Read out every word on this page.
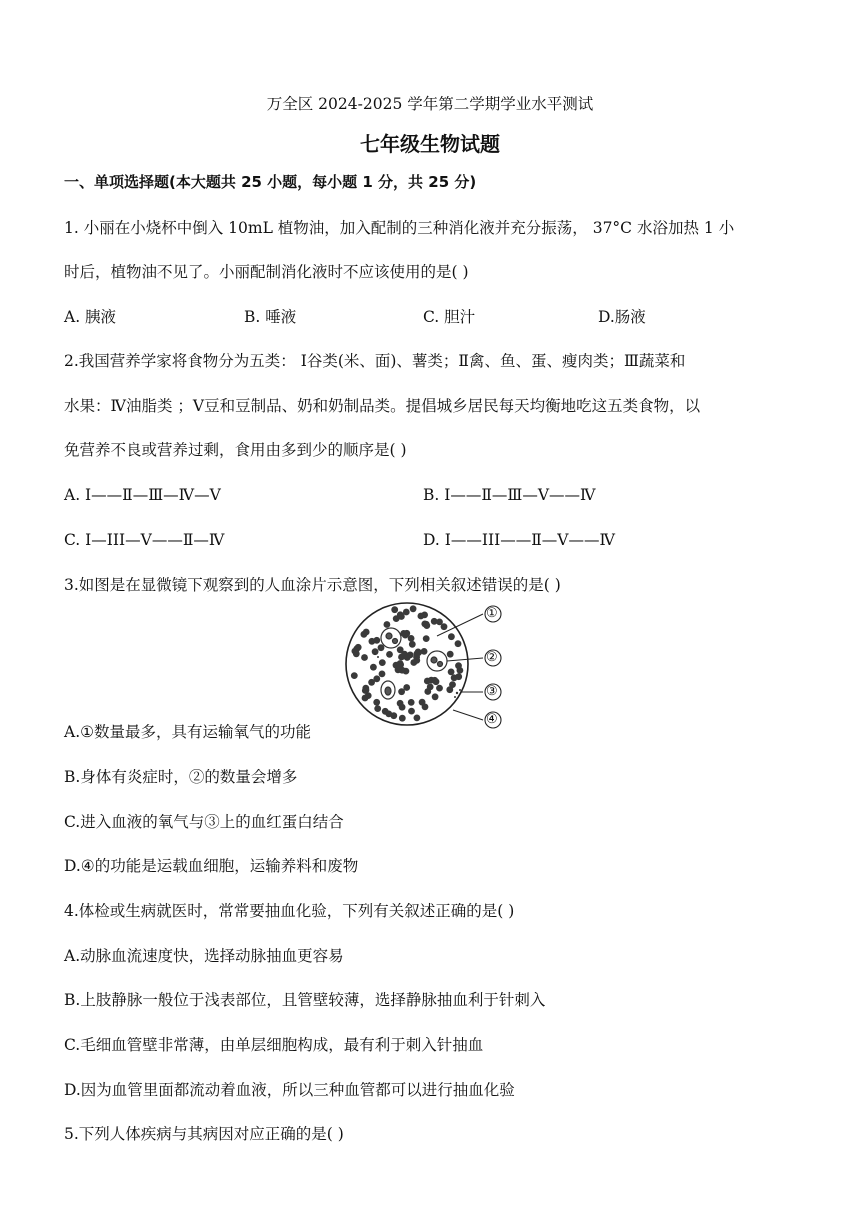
万全区 2024-2025 学年第二学期学业水平测试
七年级生物试题
一、单项选择题(本大题共 25 小题，每小题 1 分，共 25 分)
1. 小丽在小烧杯中倒入 10mL 植物油，加入配制的三种消化液并充分振荡， 37°C 水浴加热 1 小
时后，植物油不见了。小丽配制消化液时不应该使用的是( )
A. 胰液	B. 唾液	C. 胆汁	D.肠液
2.我国营养学家将食物分为五类： Ⅰ谷类(米、面)、薯类；Ⅱ禽、鱼、蛋、瘦肉类；Ⅲ蔬菜和
水果：Ⅳ油脂类 ；Ⅴ豆和豆制品、奶和奶制品类。提倡城乡居民每天均衡地吃这五类食物，以
免营养不良或营养过剩，食用由多到少的顺序是( )
A. Ⅰ——Ⅱ—Ⅲ—Ⅳ—Ⅴ	B. Ⅰ——Ⅱ—Ⅲ—Ⅴ——Ⅳ
C. Ⅰ—III—Ⅴ——Ⅱ—Ⅳ	D. Ⅰ——III——Ⅱ—Ⅴ——Ⅳ
3.如图是在显微镜下观察到的人血涂片示意图，下列相关叙述错误的是( )
①
②
③
④
A.①数量最多，具有运输氧气的功能
B.身体有炎症时，②的数量会增多
C.进入血液的氧气与③上的血红蛋白结合
D.④的功能是运载血细胞，运输养料和废物
4.体检或生病就医时，常常要抽血化验，下列有关叙述正确的是( )
A.动脉血流速度快，选择动脉抽血更容易
B.上肢静脉一般位于浅表部位，且管壁较薄，选择静脉抽血利于针刺入
C.毛细血管壁非常薄，由单层细胞构成，最有利于刺入针抽血
D.因为血管里面都流动着血液，所以三种血管都可以进行抽血化验
5.下列人体疾病与其病因对应正确的是( )
